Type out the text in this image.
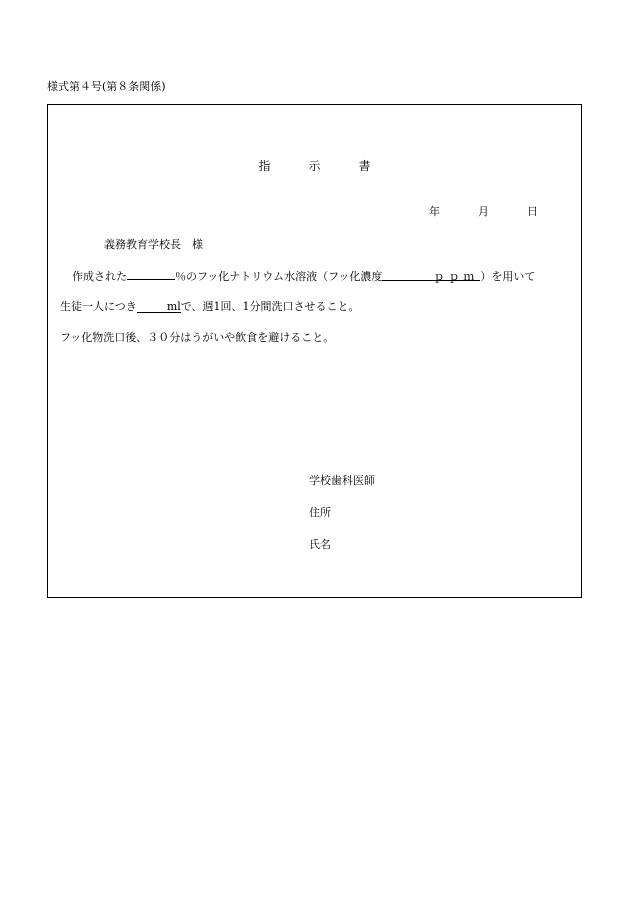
様式第４号(第８条関係)
指	示	書
年	月	日
義務教育学校長　様
作成された	％のフッ化ナトリウム水溶液（フッ化濃度	ｐｐｍ ）を用いて
生徒一人につき	mlで、週1回、1分間洗口させること。
フッ化物洗口後、３０分はうがいや飲食を避けること。
学校歯科医師
住所
氏名
